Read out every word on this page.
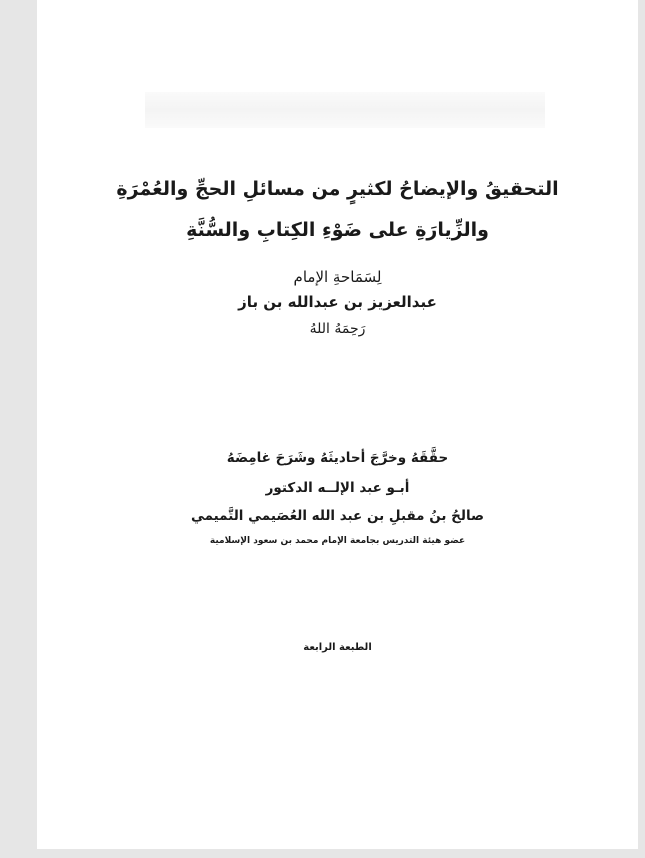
التحقيقُ والإيضاحُ لكثيرٍ من مسائلِ الحجِّ والعُمْرَةِ
والزِّيارَةِ على ضَوْءِ الكِتابِ والسُّنَّةِ
لِسَمَاحةِ الإمام
عبدالعزيز بن عبدالله بن باز
رَحِمَهُ اللهُ
حقَّقَهُ وخرَّجَ أحاديثَهُ وشَرَحَ غامِضَهُ
أبـو عبد الإلــه الدكتور
صالحُ بنُ مقبلِ بن عبد الله العُصَيمي التَّميمي
عضو هيئة التدريس بجامعة الإمام محمد بن سعود الإسلامية
الطبعة الرابعة
